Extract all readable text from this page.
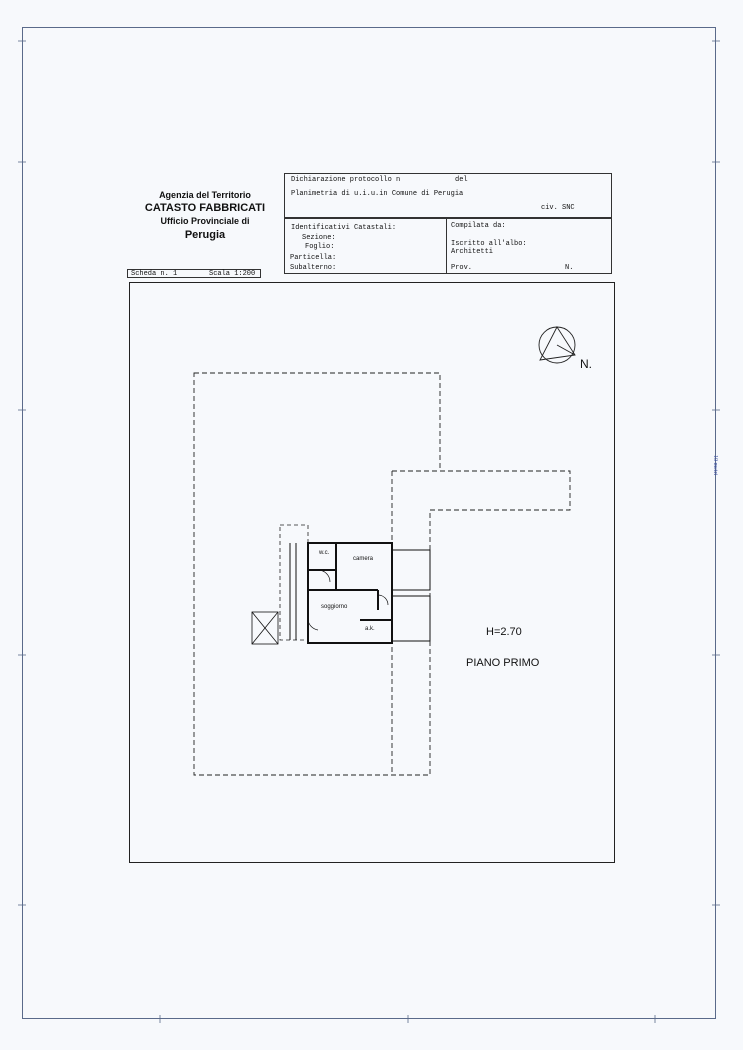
Agenzia del Territorio
CATASTO FABBRICATI
Ufficio Provinciale di
Perugia
Dichiarazione protocollo n	del
Planimetria di u.i.u.in Comune di Perugia
civ. SNC
Identificativi Catastali:
Sezione:
Foglio:
Particella:
Subalterno:
Compilata da:
Iscritto all'albo:
Architetti
Prov.	N.
Scheda n. 1	Scala 1:200
N.
H=2.70
PIANO PRIMO
w.c.
camera
soggiorno
a.k.
10 metri
